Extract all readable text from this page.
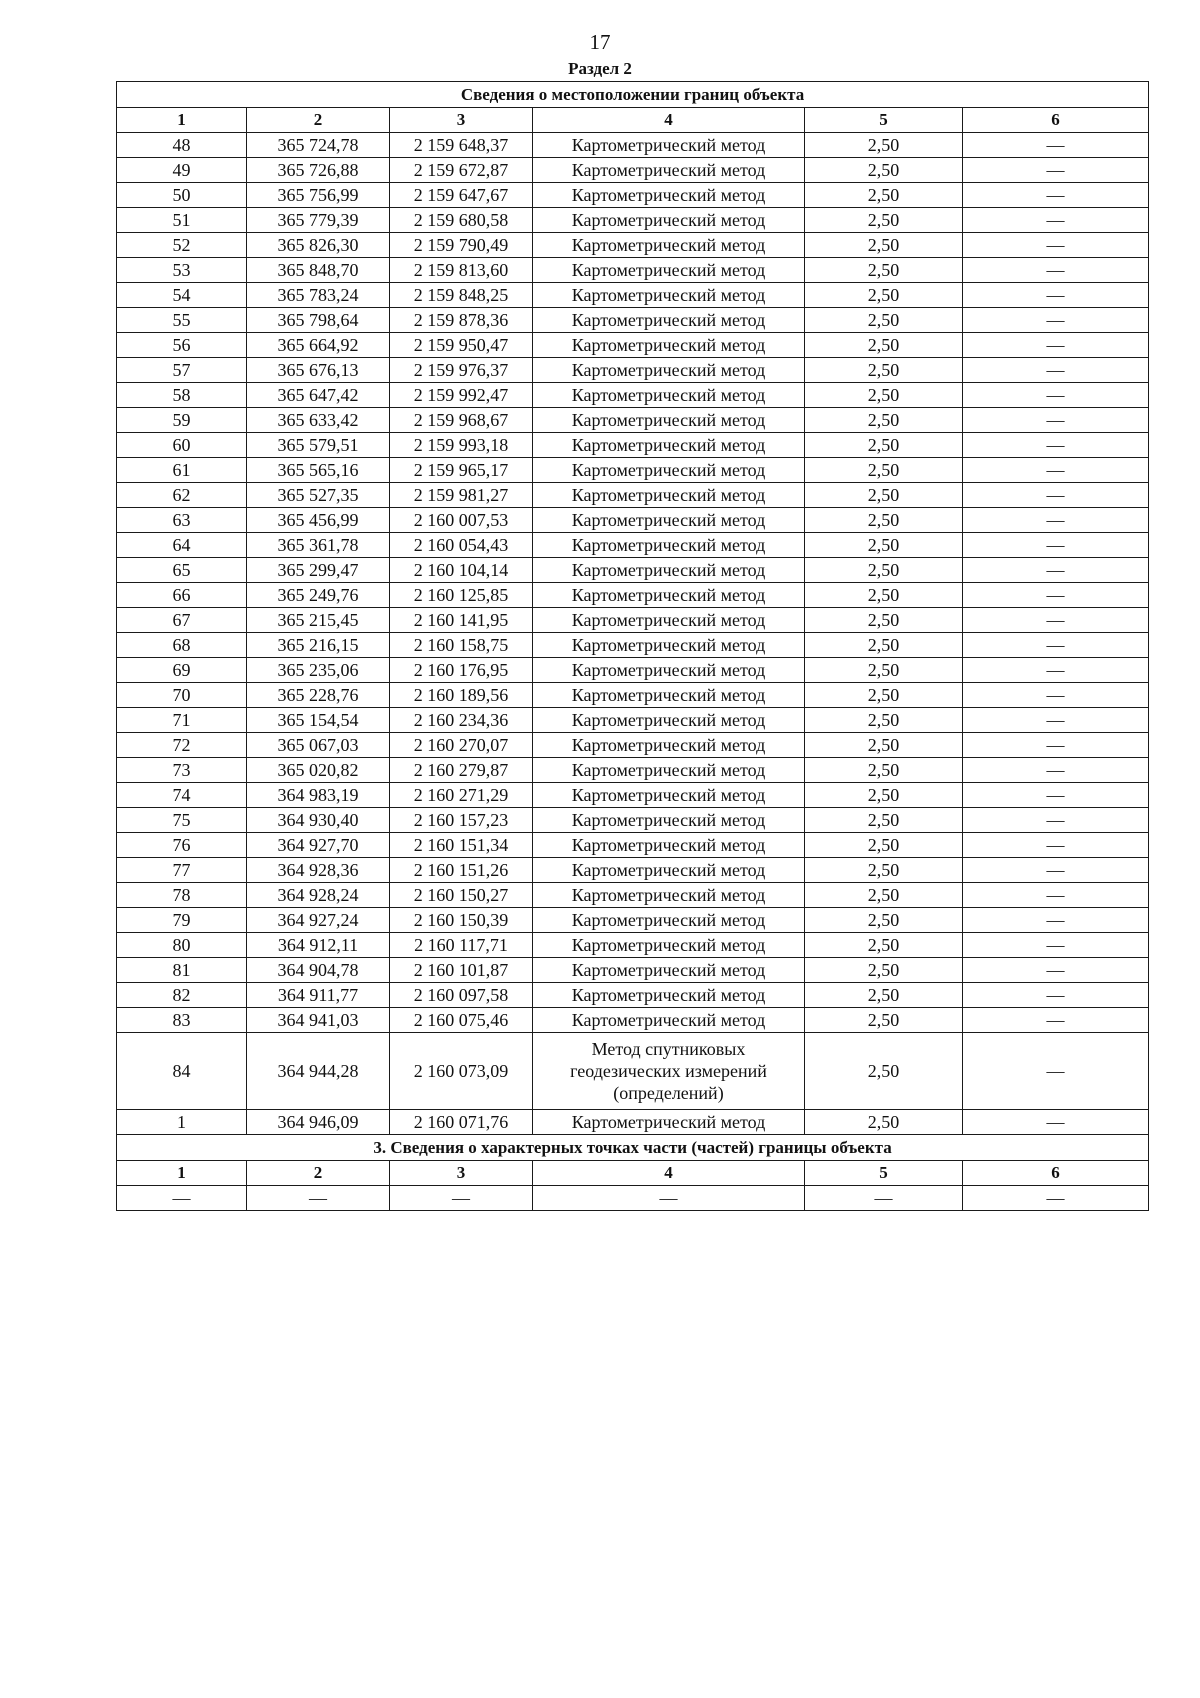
17
Раздел 2
Сведения о местоположении границ объекта					
1	2	3	4	5	6
48	365 724,78	2 159 648,37	Картометрический метод	2,50	—
49	365 726,88	2 159 672,87	Картометрический метод	2,50	—
50	365 756,99	2 159 647,67	Картометрический метод	2,50	—
51	365 779,39	2 159 680,58	Картометрический метод	2,50	—
52	365 826,30	2 159 790,49	Картометрический метод	2,50	—
53	365 848,70	2 159 813,60	Картометрический метод	2,50	—
54	365 783,24	2 159 848,25	Картометрический метод	2,50	—
55	365 798,64	2 159 878,36	Картометрический метод	2,50	—
56	365 664,92	2 159 950,47	Картометрический метод	2,50	—
57	365 676,13	2 159 976,37	Картометрический метод	2,50	—
58	365 647,42	2 159 992,47	Картометрический метод	2,50	—
59	365 633,42	2 159 968,67	Картометрический метод	2,50	—
60	365 579,51	2 159 993,18	Картометрический метод	2,50	—
61	365 565,16	2 159 965,17	Картометрический метод	2,50	—
62	365 527,35	2 159 981,27	Картометрический метод	2,50	—
63	365 456,99	2 160 007,53	Картометрический метод	2,50	—
64	365 361,78	2 160 054,43	Картометрический метод	2,50	—
65	365 299,47	2 160 104,14	Картометрический метод	2,50	—
66	365 249,76	2 160 125,85	Картометрический метод	2,50	—
67	365 215,45	2 160 141,95	Картометрический метод	2,50	—
68	365 216,15	2 160 158,75	Картометрический метод	2,50	—
69	365 235,06	2 160 176,95	Картометрический метод	2,50	—
70	365 228,76	2 160 189,56	Картометрический метод	2,50	—
71	365 154,54	2 160 234,36	Картометрический метод	2,50	—
72	365 067,03	2 160 270,07	Картометрический метод	2,50	—
73	365 020,82	2 160 279,87	Картометрический метод	2,50	—
74	364 983,19	2 160 271,29	Картометрический метод	2,50	—
75	364 930,40	2 160 157,23	Картометрический метод	2,50	—
76	364 927,70	2 160 151,34	Картометрический метод	2,50	—
77	364 928,36	2 160 151,26	Картометрический метод	2,50	—
78	364 928,24	2 160 150,27	Картометрический метод	2,50	—
79	364 927,24	2 160 150,39	Картометрический метод	2,50	—
80	364 912,11	2 160 117,71	Картометрический метод	2,50	—
81	364 904,78	2 160 101,87	Картометрический метод	2,50	—
82	364 911,77	2 160 097,58	Картометрический метод	2,50	—
83	364 941,03	2 160 075,46	Картометрический метод	2,50	—
84	364 944,28	2 160 073,09	Метод спутниковых геодезических измерений (определений)	2,50	—
1	364 946,09	2 160 071,76	Картометрический метод	2,50	—
3. Сведения о характерных точках части (частей) границы объекта					
1	2	3	4	5	6
—	—	—	—	—	—
